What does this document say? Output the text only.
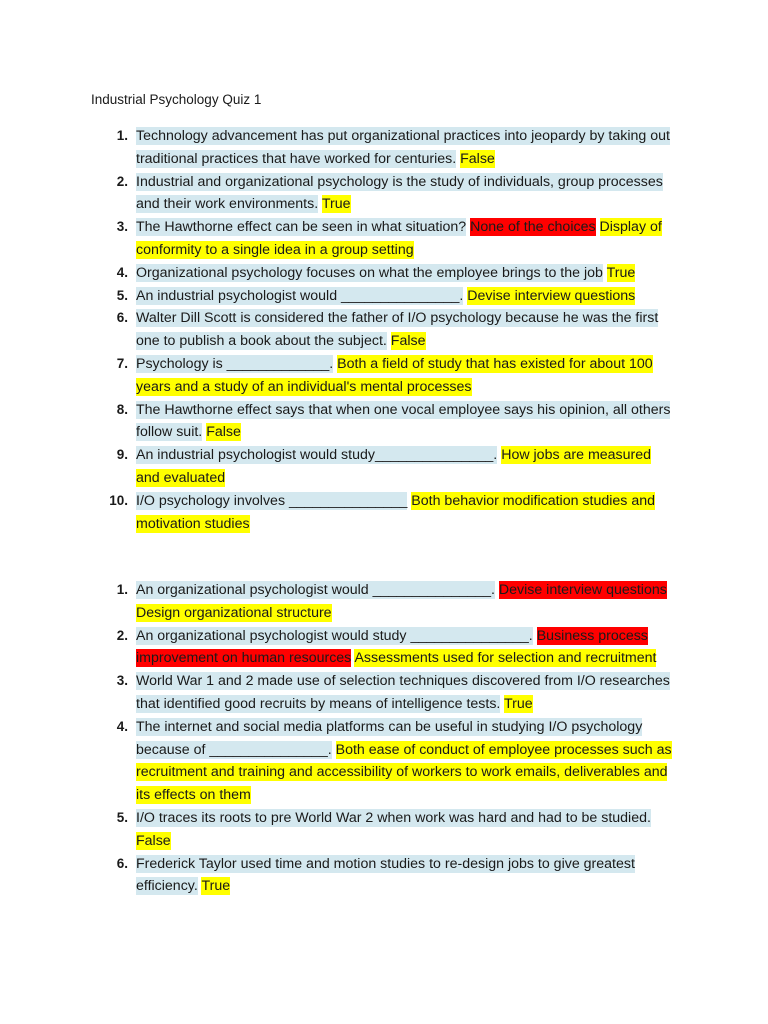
Industrial Psychology Quiz 1
1. Technology advancement has put organizational practices into jeopardy by taking out traditional practices that have worked for centuries. False
2. Industrial and organizational psychology is the study of individuals, group processes and their work environments. True
3. The Hawthorne effect can be seen in what situation? None of the choices Display of conformity to a single idea in a group setting
4. Organizational psychology focuses on what the employee brings to the job True
5. An industrial psychologist would _______________. Devise interview questions
6. Walter Dill Scott is considered the father of I/O psychology because he was the first one to publish a book about the subject. False
7. Psychology is _____________. Both a field of study that has existed for about 100 years and a study of an individual's mental processes
8. The Hawthorne effect says that when one vocal employee says his opinion, all others follow suit. False
9. An industrial psychologist would study_______________. How jobs are measured and evaluated
10. I/O psychology involves _______________ Both behavior modification studies and motivation studies
1. An organizational psychologist would _______________. Devise interview questions Design organizational structure
2. An organizational psychologist would study _______________. Business process improvement on human resources Assessments used for selection and recruitment
3. World War 1 and 2 made use of selection techniques discovered from I/O researches that identified good recruits by means of intelligence tests. True
4. The internet and social media platforms can be useful in studying I/O psychology because of _______________. Both ease of conduct of employee processes such as recruitment and training and accessibility of workers to work emails, deliverables and its effects on them
5. I/O traces its roots to pre World War 2 when work was hard and had to be studied. False
6. Frederick Taylor used time and motion studies to re-design jobs to give greatest efficiency. True
